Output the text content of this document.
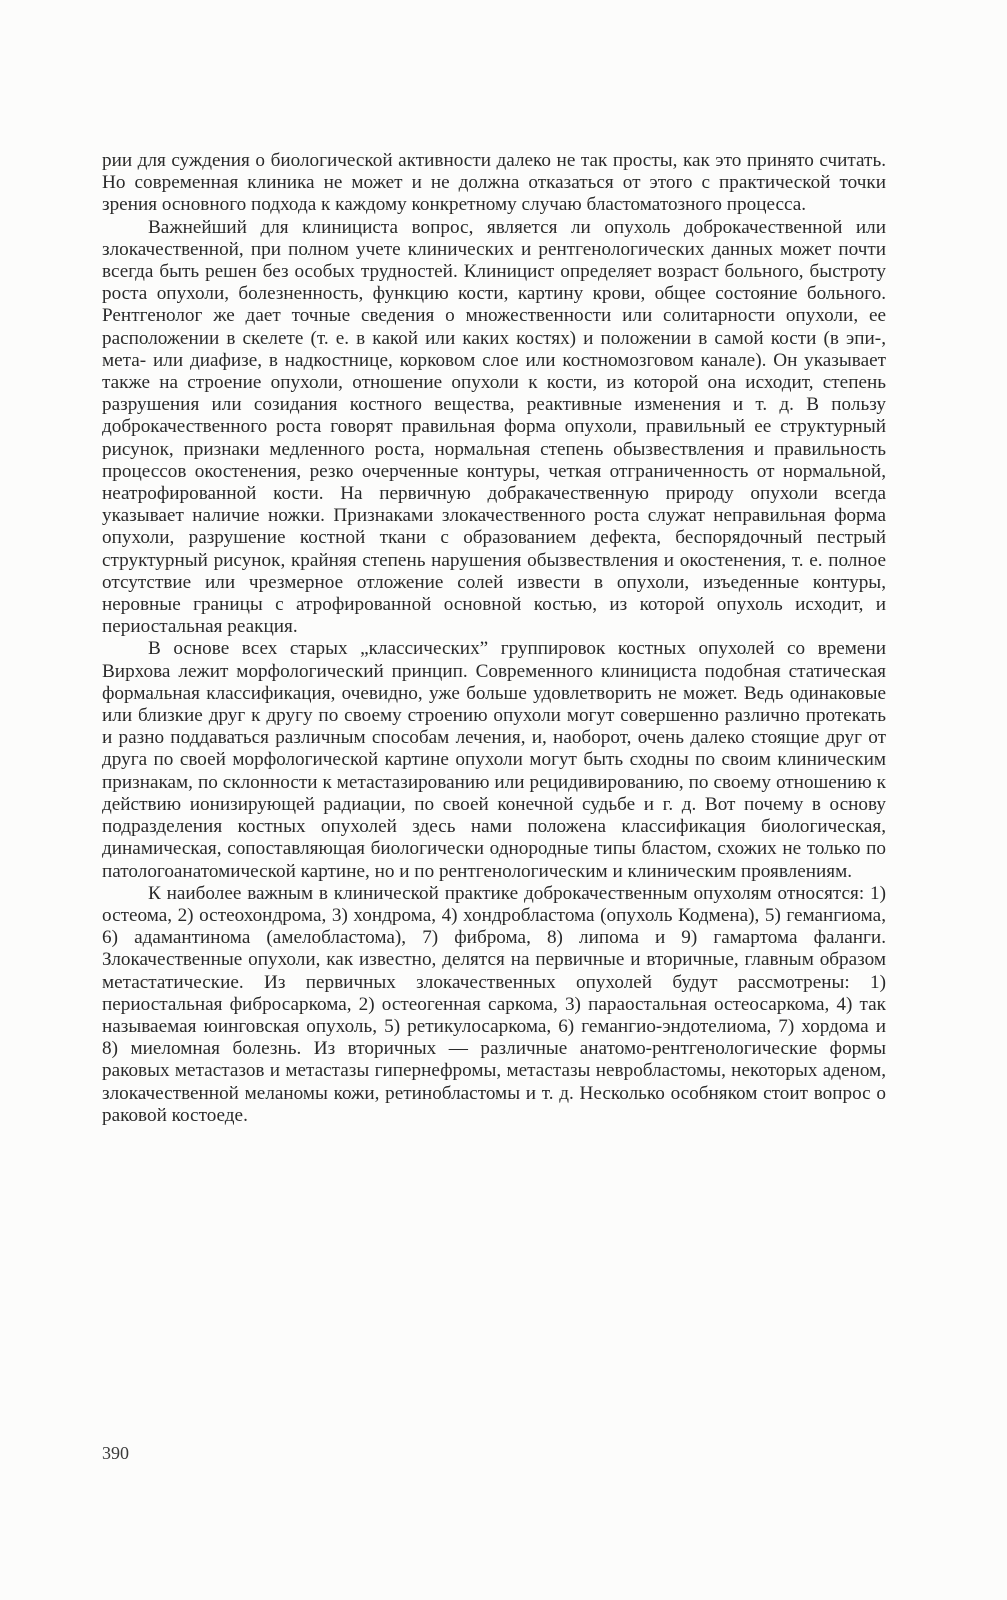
рии для суждения о биологической активности далеко не так просты, как это принято считать. Но современная клиника не может и не должна отказаться от этого с практической точки зрения основного подхода к каждому конкретному случаю бластоматозного процесса.

Важнейший для клинициста вопрос, является ли опухоль доброкачественной или злокачественной, при полном учете клинических и рентгенологических данных может почти всегда быть решен без особых трудностей. Клиницист определяет возраст больного, быстроту роста опухоли, болезненность, функцию кости, картину крови, общее состояние больного. Рентгенолог же дает точные сведения о множественности или солитарности опухоли, ее расположении в скелете (т. е. в какой или каких костях) и положении в самой кости (в эпи-, мета- или диафизе, в надкостнице, корковом слое или костномозговом канале). Он указывает также на строение опухоли, отношение опухоли к кости, из которой она исходит, степень разрушения или созидания костного вещества, реактивные изменения и т. д. В пользу доброкачественного роста говорят правильная форма опухоли, правильный ее структурный рисунок, признаки медленного роста, нормальная степень обызвествления и правильность процессов окостенения, резко очерченные контуры, четкая отграниченность от нормальной, неатрофированной кости. На первичную добракачественную природу опухоли всегда указывает наличие ножки. Признаками злокачественного роста служат неправильная форма опухоли, разрушение костной ткани с образованием дефекта, беспорядочный пестрый структурный рисунок, крайняя степень нарушения обызвествления и окостенения, т. е. полное отсутствие или чрезмерное отложение солей извести в опухоли, изъеденные контуры, неровные границы с атрофированной основной костью, из которой опухоль исходит, и периостальная реакция.

В основе всех старых „классических” группировок костных опухолей со времени Вирхова лежит морфологический принцип. Современного клинициста подобная статическая формальная классификация, очевидно, уже больше удовлетворить не может. Ведь одинаковые или близкие друг к другу по своему строению опухоли могут совершенно различно протекать и разно поддаваться различным способам лечения, и, наоборот, очень далеко стоящие друг от друга по своей морфологической картине опухоли могут быть сходны по своим клиническим признакам, по склонности к метастазированию или рецидивированию, по своему отношению к действию ионизирующей радиации, по своей конечной судьбе и г. д. Вот почему в основу подразделения костных опухолей здесь нами положена классификация биологическая, динамическая, сопоставляющая биологически однородные типы бластом, схожих не только по патологоанатомической картине, но и по рентгенологическим и клиническим проявлениям.

К наиболее важным в клинической практике доброкачественным опухолям относятся: 1) остеома, 2) остеохондрома, 3) хондрома, 4) хондробластома (опухоль Кодмена), 5) гемангиома, 6) адамантинома (амелобластома), 7) фиброма, 8) липома и 9) гамартома фаланги. Злокачественные опухоли, как известно, делятся на первичные и вторичные, главным образом метастатические. Из первичных злокачественных опухолей будут рассмотрены: 1) периостальная фибросаркома, 2) остеогенная саркома, 3) параостальная остеосаркома, 4) так называемая юинговская опухоль, 5) ретикулосаркома, 6) гемангио-эндотелиома, 7) хордома и 8) миеломная болезнь. Из вторичных — различные анатомо-рентгенологические формы раковых метастазов и метастазы гипернефромы, метастазы невробластомы, некоторых аденом, злокачественной меланомы кожи, ретинобластомы и т. д. Несколько особняком стоит вопрос о раковой костоеде.

390
